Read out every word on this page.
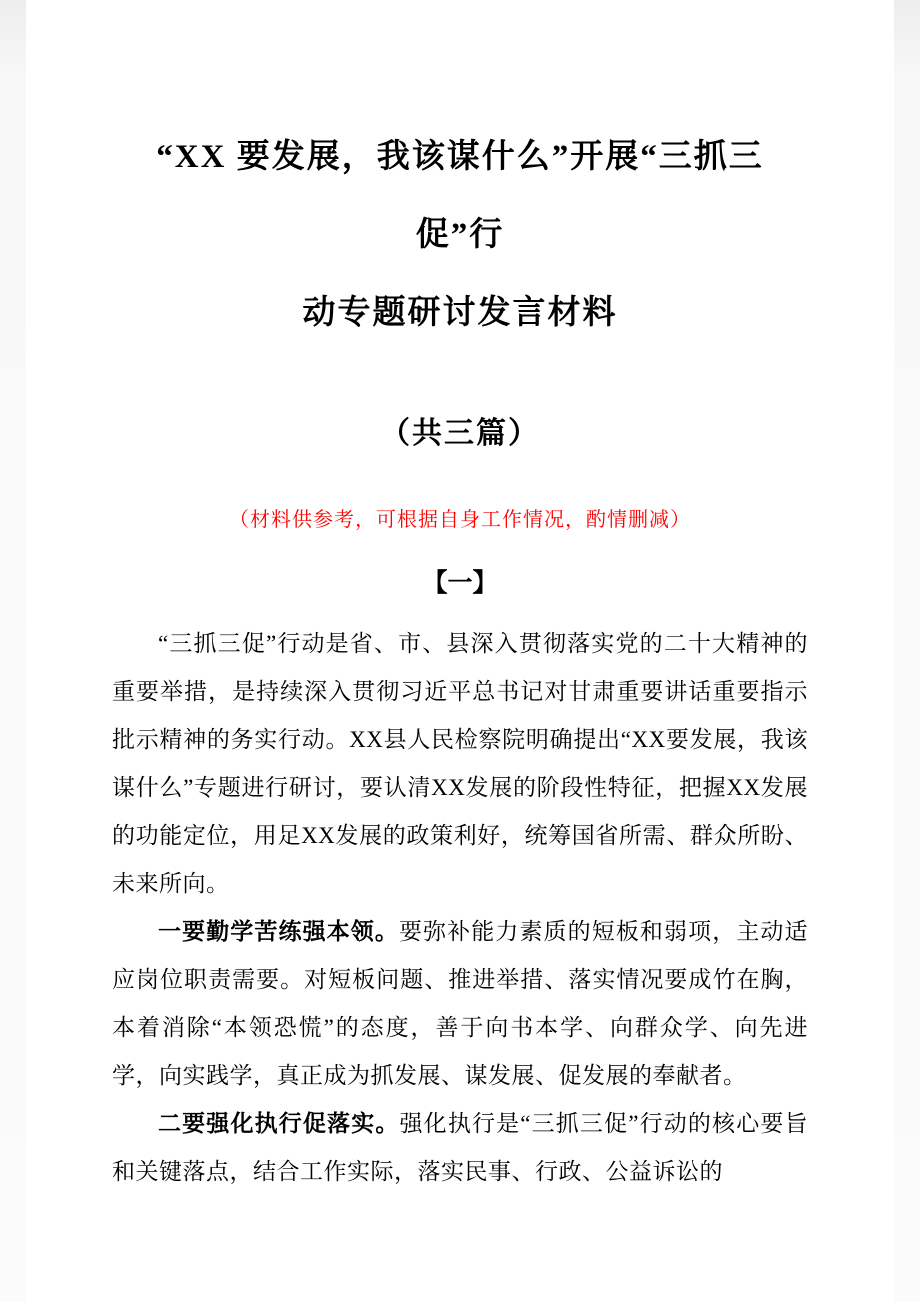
“XX 要发展，我该谋什么”开展“三抓三
促”行
动专题研讨发言材料
（共三篇）
（材料供参考，可根据自身工作情况，酌情删减）
【一】

“三抓三促”行动是省、市、县深入贯彻落实党的二十大精神的重要举措，是持续深入贯彻习近平总书记对甘肃重要讲话重要指示批示精神的务实行动。XX县人民检察院明确提出“XX要发展，我该谋什么”专题进行研讨，要认清XX发展的阶段性特征，把握XX发展的功能定位，用足XX发展的政策利好，统筹国省所需、群众所盼、未来所向。

一要勤学苦练强本领。要弥补能力素质的短板和弱项，主动适应岗位职责需要。对短板问题、推进举措、落实情况要成竹在胸，本着消除“本领恐慌”的态度，善于向书本学、向群众学、向先进学，向实践学，真正成为抓发展、谋发展、促发展的奉献者。

二要强化执行促落实。强化执行是“三抓三促”行动的核心要旨和关键落点，结合工作实际，落实民事、行政、公益诉讼的
